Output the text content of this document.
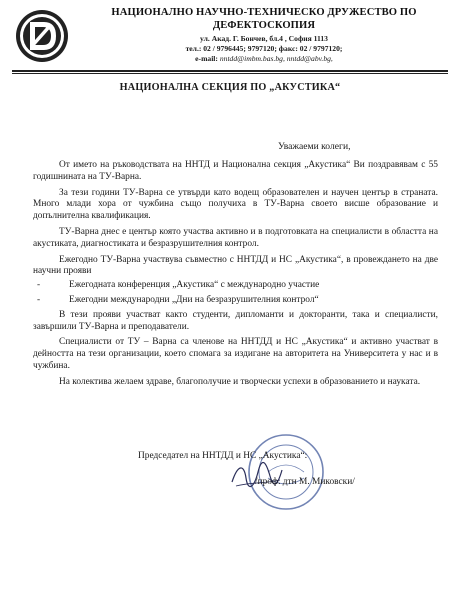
НАЦИОНАЛНО НАУЧНО-ТЕХНИЧЕСКО ДРУЖЕСТВО ПО
ДЕФЕКТОСКОПИЯ
ул. Акад. Г. Бончев, бл.4 , София 1113
тел.: 02 / 9796445; 9797120; факс: 02 / 9797120;
e-mail: nntdd@imbm.bas.bg, nntdd@abv.bg,
НАЦИОНАЛНА СЕКЦИЯ ПО „АКУСТИКА“
Уважаеми колеги,

От името на ръководствата на ННТД и Национална секция „Акустика“ Ви поздравявам с 55 годишнината на ТУ-Варна.

За тези години ТУ-Варна се утвърди като водещ образователен и научен център в страната. Много млади хора от чужбина също получиха в ТУ-Варна своето висше образование и допълнителна квалификация.

ТУ-Варна днес е център която участва активно и в подготовката на специалисти в областта на акустиката, диагностиката и безразрушителния контрол.

Ежегодно ТУ-Варна участвува съвместно с ННТДД и НС „Акустика“, в провеждането на две научни прояви

-	Ежегодната конференция „Акустика“ с международно участие
-	Ежегодни международни „Дни на безразрушителния контрол“

В тези прояви участват както студенти, дипломанти и докторанти, така и специалисти, завършили ТУ-Варна и преподаватели.

Специалисти от ТУ – Варна са членове на ННТДД и НС „Акустика“ и активно участват в дейността на тези организации, което спомага за издигане на авторитета на Университета у нас и в чужбина.

На колектива желаем здраве, благополучие и творчески успехи в образованието и науката.

Председател на ННТДД и НС „Акустика“:
/проф. дтн М. Миковски/
